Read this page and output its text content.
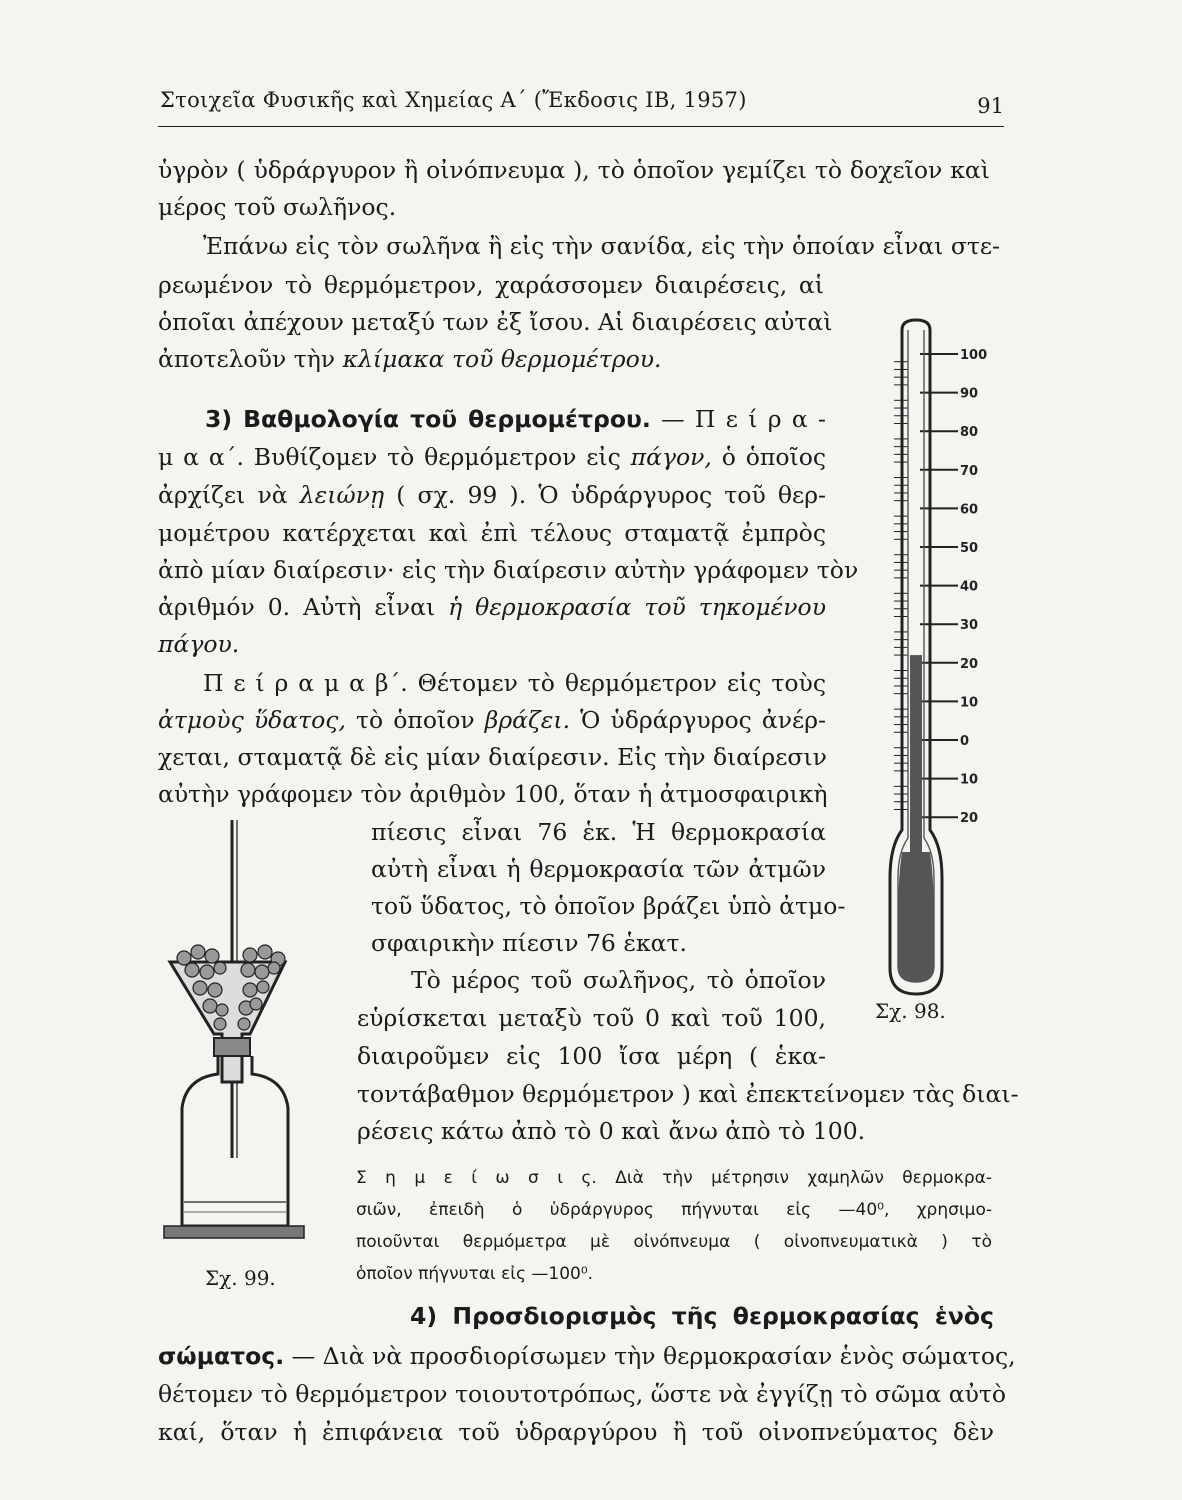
Στοιχεῖα Φυσικῆς καὶ Χημείας Α΄ (Ἔκδοσις ΙΒ, 1957)	91
ὑγρὸν ( ὑδράργυρον ἢ οἰνόπνευμα ), τὸ ὁποῖον γεμίζει τὸ δοχεῖον καὶ
μέρος τοῦ σωλῆνος.
Ἐπάνω εἰς τὸν σωλῆνα ἢ εἰς τὴν σανίδα, εἰς τὴν ὁποίαν εἶναι στε-
ρεωμένον τὸ θερμόμετρον, χαράσσομεν διαιρέσεις, αἱ
ὁποῖαι ἀπέχουν μεταξύ των ἐξ ἴσου. Αἱ διαιρέσεις αὐταὶ
ἀποτελοῦν τὴν κλίμακα τοῦ θερμομέτρου.
3) Βαθμολογία τοῦ θερμομέτρου. — Π ε ί ρ α -
μ α α΄. Βυθίζομεν τὸ θερμόμετρον εἰς πάγον, ὁ ὁποῖος
ἀρχίζει νὰ λειώνῃ ( σχ. 99 ). Ὁ ὑδράργυρος τοῦ θερ-
μομέτρου κατέρχεται καὶ ἐπὶ τέλους σταματᾷ ἐμπρὸς
ἀπὸ μίαν διαίρεσιν· εἰς τὴν διαίρεσιν αὐτὴν γράφομεν τὸν
ἀριθμόν 0. Αὐτὴ εἶναι ἡ θερμοκρασία τοῦ τηκομένου
πάγου.
Π ε ί ρ α μ α β΄. Θέτομεν τὸ θερμόμετρον εἰς τοὺς
ἀτμοὺς ὕδατος, τὸ ὁποῖον βράζει. Ὁ ὑδράργυρος ἀνέρ-
χεται, σταματᾷ δὲ εἰς μίαν διαίρεσιν. Εἰς τὴν διαίρεσιν
αὐτὴν γράφομεν τὸν ἀριθμὸν 100, ὅταν ἡ ἀτμοσφαιρικὴ
πίεσις εἶναι 76 ἑκ. Ἡ θερμοκρασία
αὐτὴ εἶναι ἡ θερμοκρασία τῶν ἀτμῶν
τοῦ ὕδατος, τὸ ὁποῖον βράζει ὑπὸ ἀτμο-
σφαιρικὴν πίεσιν 76 ἑκατ.
Τὸ μέρος τοῦ σωλῆνος, τὸ ὁποῖον
εὑρίσκεται μεταξὺ τοῦ 0 καὶ τοῦ 100,
διαιροῦμεν εἰς 100 ἴσα μέρη ( ἑκα-
τοντάβαθμον θερμόμετρον ) καὶ ἐπεκτείνομεν τὰς διαι-
ρέσεις κάτω ἀπὸ τὸ 0 καὶ ἄνω ἀπὸ τὸ 100.
Σ η μ ε ί ω σ ι ς. Διὰ τὴν μέτρησιν χαμηλῶν θερμοκρα-
σιῶν, ἐπειδὴ ὁ ὑδράργυρος πήγνυται εἰς —40⁰, χρησιμο-
ποιοῦνται θερμόμετρα μὲ οἰνόπνευμα ( οἰνοπνευματικὰ ) τὸ
ὁποῖον πήγνυται εἰς —100⁰.
4) Προσδιορισμὸς τῆς θερμοκρασίας ἑνὸς
σώματος. — Διὰ νὰ προσδιορίσωμεν τὴν θερμοκρασίαν ἑνὸς σώματος,
θέτομεν τὸ θερμόμετρον τοιουτοτρόπως, ὥστε νὰ ἐγγίζῃ τὸ σῶμα αὐτὸ
καί, ὅταν ἡ ἐπιφάνεια τοῦ ὑδραργύρου ἢ τοῦ οἰνοπνεύματος δὲν
Σχ. 98.
Σχ. 99.
100
90
80
70
60
50
40
30
20
10
0
10
20
